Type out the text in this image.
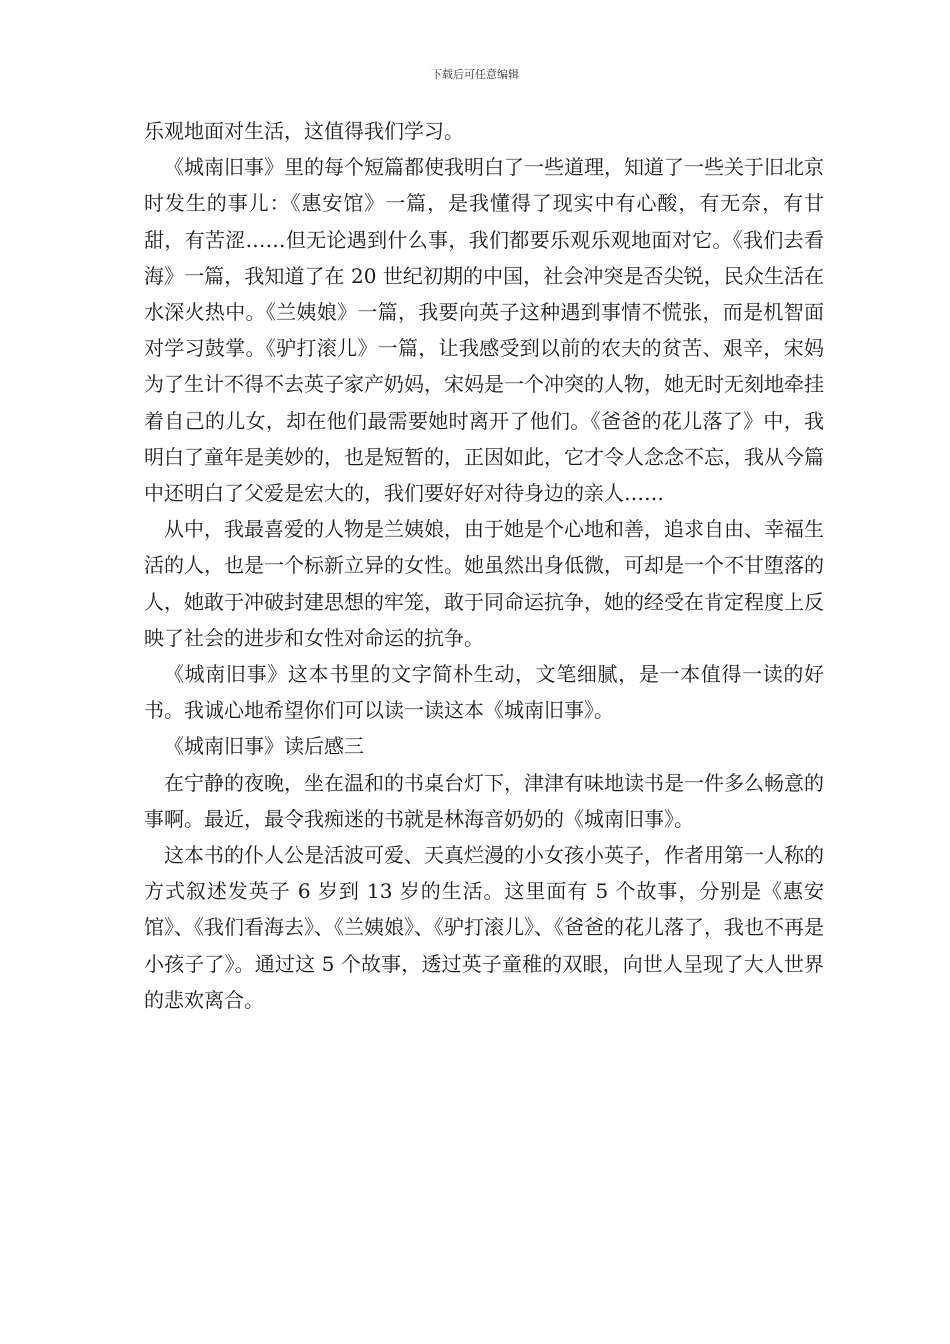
下载后可任意编辑

乐观地面对生活，这值得我们学习。

《城南旧事》里的每个短篇都使我明白了一些道理，知道了一些关于旧北京时发生的事儿：《惠安馆》一篇，是我懂得了现实中有心酸，有无奈，有甘甜，有苦涩……但无论遇到什么事，我们都要乐观乐观地面对它。《我们去看海》一篇，我知道了在 20 世纪初期的中国，社会冲突是否尖锐，民众生活在水深火热中。《兰姨娘》一篇，我要向英子这种遇到事情不慌张，而是机智面对学习鼓掌。《驴打滚儿》一篇，让我感受到以前的农夫的贫苦、艰辛，宋妈为了生计不得不去英子家产奶妈，宋妈是一个冲突的人物，她无时无刻地牵挂着自己的儿女，却在他们最需要她时离开了他们。《爸爸的花儿落了》中，我明白了童年是美妙的，也是短暂的，正因如此，它才令人念念不忘，我从今篇中还明白了父爱是宏大的，我们要好好对待身边的亲人……

从中，我最喜爱的人物是兰姨娘，由于她是个心地和善，追求自由、幸福生活的人，也是一个标新立异的女性。她虽然出身低微，可却是一个不甘堕落的人，她敢于冲破封建思想的牢笼，敢于同命运抗争，她的经受在肯定程度上反映了社会的进步和女性对命运的抗争。

《城南旧事》这本书里的文字简朴生动，文笔细腻，是一本值得一读的好书。我诚心地希望你们可以读一读这本《城南旧事》。

《城南旧事》读后感三

在宁静的夜晚，坐在温和的书桌台灯下，津津有味地读书是一件多么畅意的事啊。最近，最令我痴迷的书就是林海音奶奶的《城南旧事》。

这本书的仆人公是活波可爱、天真烂漫的小女孩小英子，作者用第一人称的方式叙述发英子 6 岁到 13 岁的生活。这里面有 5 个故事，分别是《惠安馆》、《我们看海去》、《兰姨娘》、《驴打滚儿》、《爸爸的花儿落了，我也不再是小孩子了》。通过这 5 个故事，透过英子童稚的双眼，向世人呈现了大人世界的悲欢离合。
